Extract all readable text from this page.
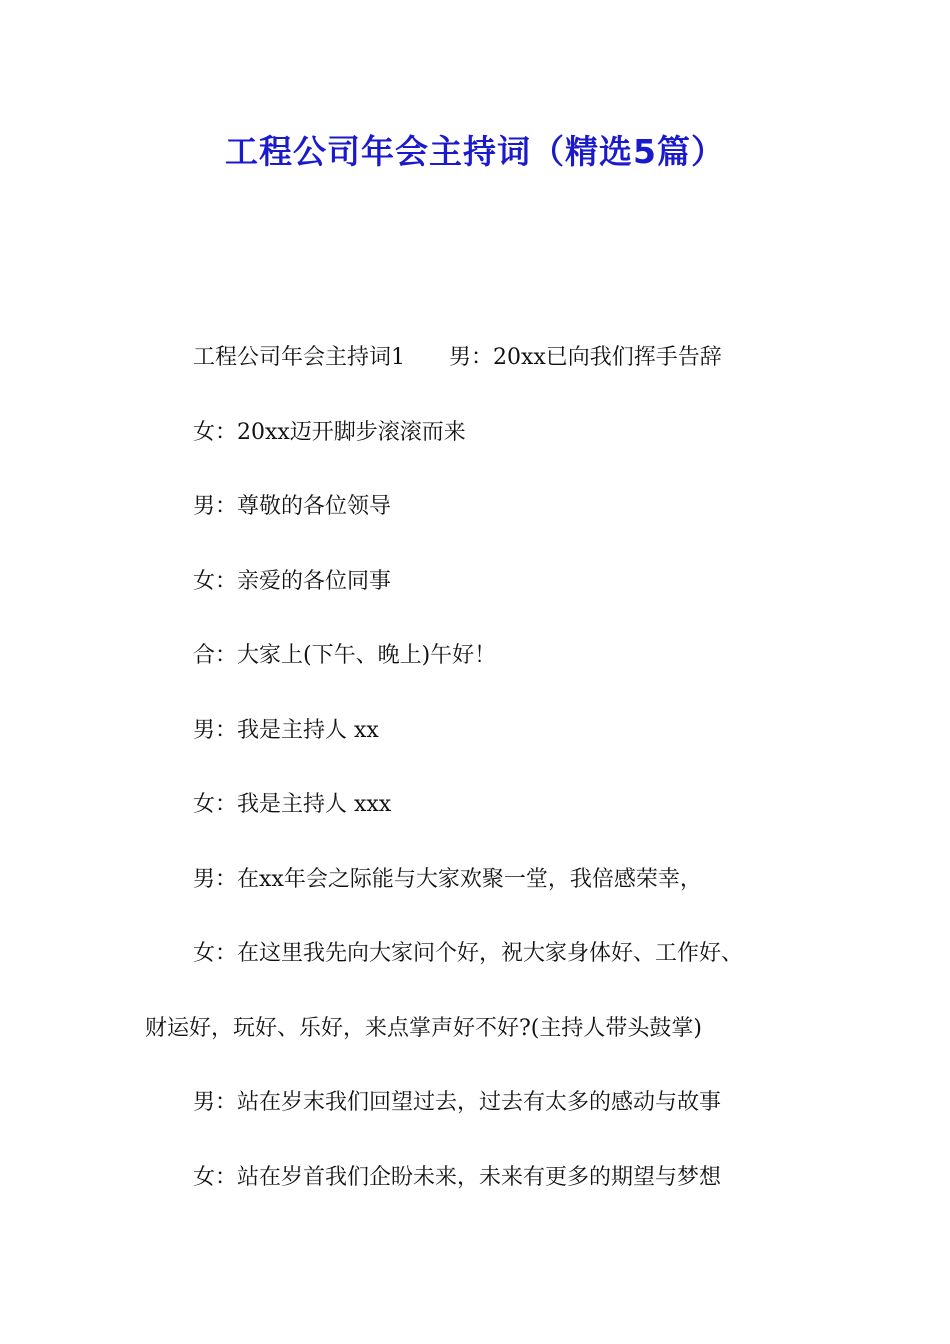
工程公司年会主持词（精选5篇）

工程公司年会主持词1 男：20xx已向我们挥手告辞

女：20xx迈开脚步滚滚而来

男：尊敬的各位领导

女：亲爱的各位同事

合：大家上(下午、晚上)午好！

男：我是主持人 xx

女：我是主持人 xxx

男：在xx年会之际能与大家欢聚一堂，我倍感荣幸，

女：在这里我先向大家问个好，祝大家身体好、工作好、
财运好，玩好、乐好，来点掌声好不好?(主持人带头鼓掌)

男：站在岁末我们回望过去，过去有太多的感动与故事

女：站在岁首我们企盼未来，未来有更多的期望与梦想
